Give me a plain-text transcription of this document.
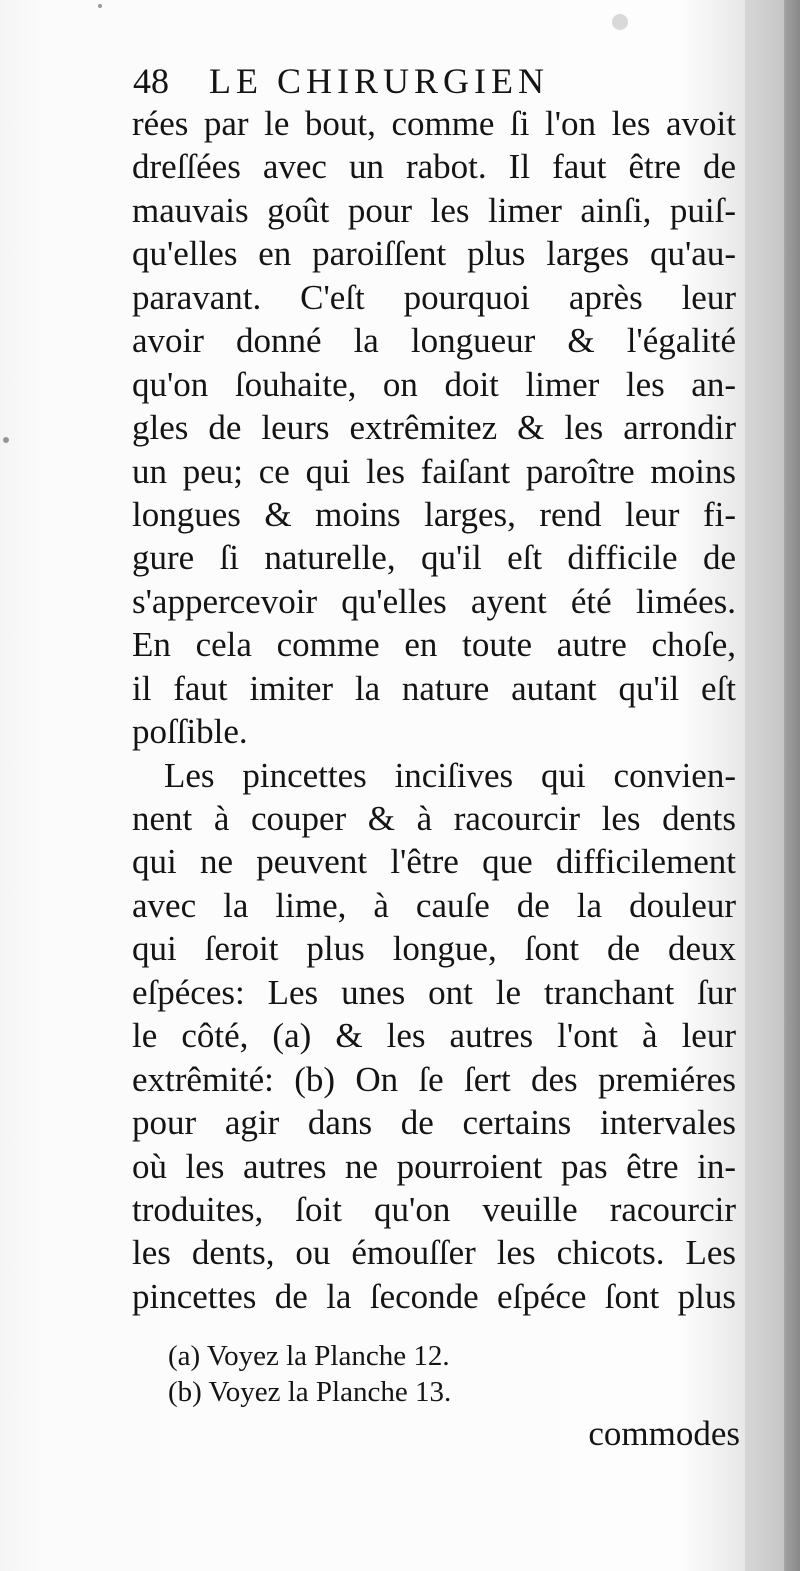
48 LE CHIRURGIEN
rées par le bout, comme ſi l'on les avoit
dreſſées avec un rabot. Il faut être de
mauvais goût pour les limer ainſi, puiſ-
qu'elles en paroiſſent plus larges qu'au-
paravant. C'eſt pourquoi après leur
avoir donné la longueur & l'égalité
qu'on ſouhaite, on doit limer les an-
gles de leurs extrêmitez & les arrondir
un peu; ce qui les faiſant paroître moins
longues & moins larges, rend leur fi-
gure ſi naturelle, qu'il eſt difficile de
s'appercevoir qu'elles ayent été limées.
En cela comme en toute autre choſe,
il faut imiter la nature autant qu'il eſt
poſſible.
Les pincettes inciſives qui convien-
nent à couper & à racourcir les dents
qui ne peuvent l'être que difficilement
avec la lime, à cauſe de la douleur
qui ſeroit plus longue, ſont de deux
eſpéces: Les unes ont le tranchant ſur
le côté, (a) & les autres l'ont à leur
extrêmité: (b) On ſe ſert des premiéres
pour agir dans de certains intervales
où les autres ne pourroient pas être in-
troduites, ſoit qu'on veuille racourcir
les dents, ou émouſſer les chicots. Les
pincettes de la ſeconde eſpéce ſont plus
(a) Voyez la Planche 12.
(b) Voyez la Planche 13.
commodes
